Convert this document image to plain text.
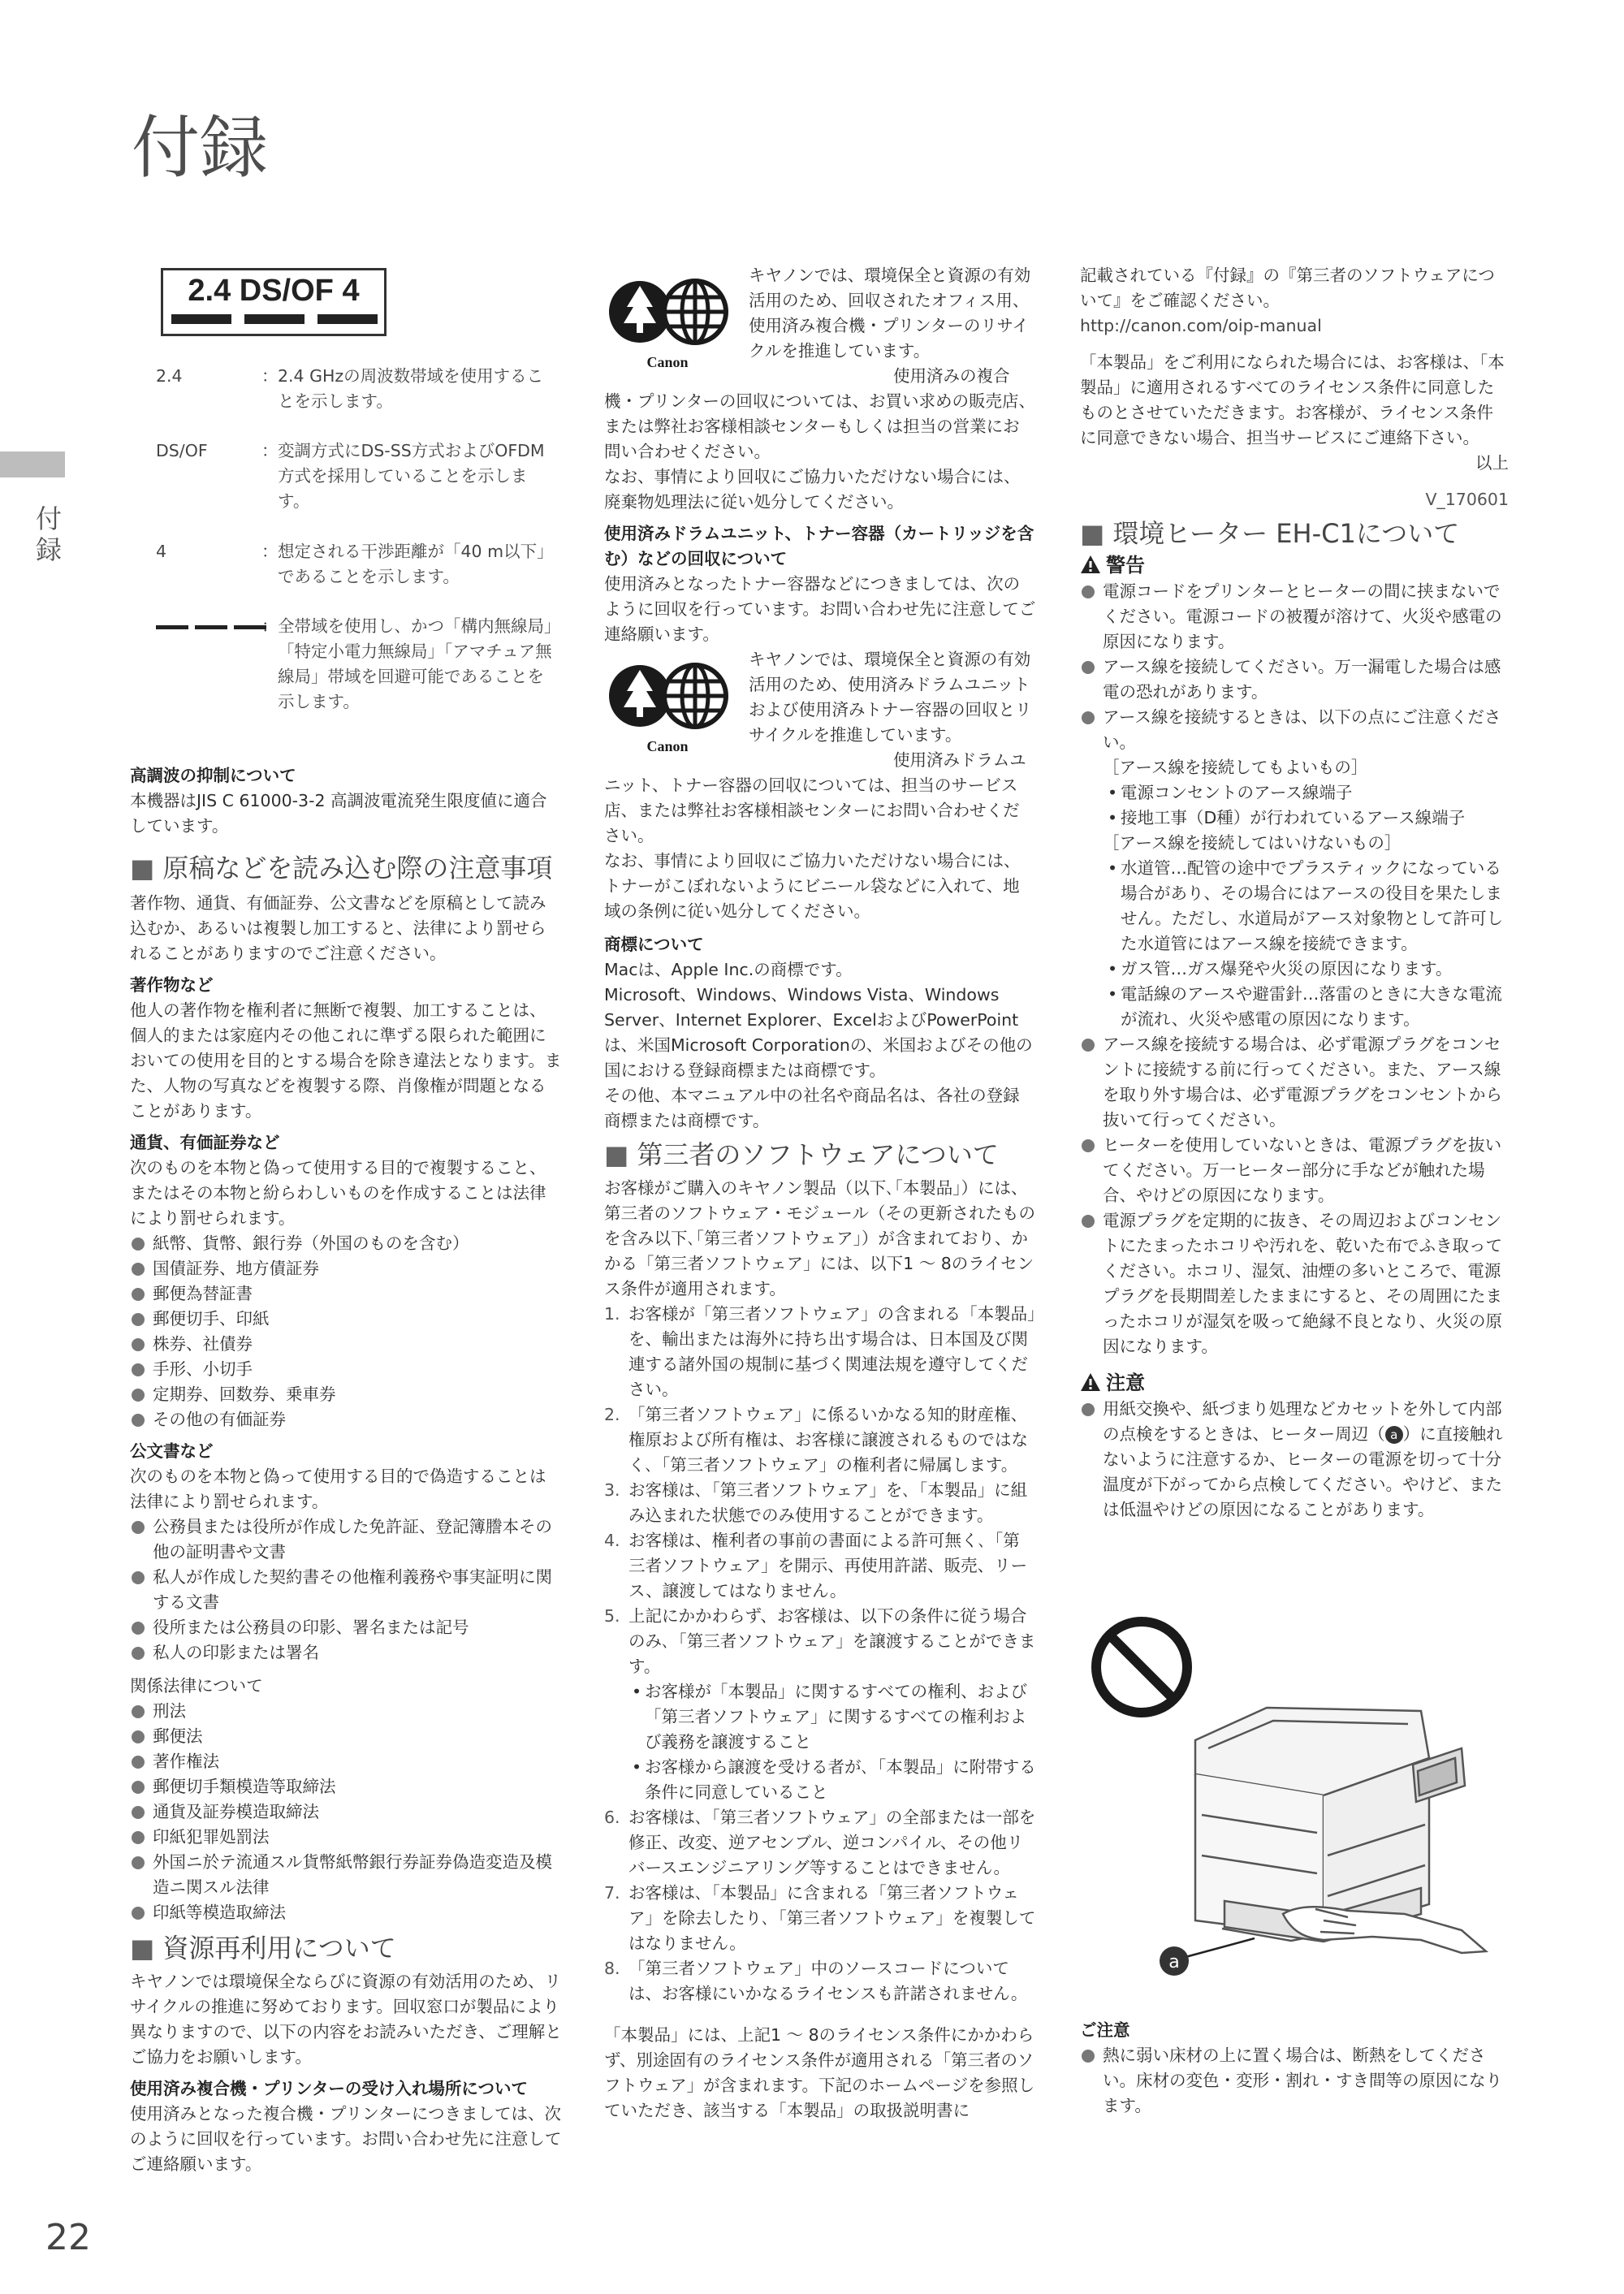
付録
付録
22
2.4 DS/OF 4
2.4	： 2.4 GHzの周波数帯域を使用することを示します。
DS/OF	： 変調方式にDS-SS方式およびOFDM方式を採用していることを示します。
4	： 想定される干渉距離が「40 m以下」であることを示します。
： 全帯域を使用し、かつ「構内無線局」「特定小電力無線局」「アマチュア無線局」帯域を回避可能であることを示します。

高調波の抑制について

本機器はJIS C 61000-3-2 高調波電流発生限度値に適合しています。

■ 原稿などを読み込む際の注意事項

著作物、通貨、有価証券、公文書などを原稿として読み込むか、あるいは複製し加工すると、法律により罰せられることがありますのでご注意ください。

著作物など

他人の著作物を権利者に無断で複製、加工することは、個人的または家庭内その他これに準ずる限られた範囲においての使用を目的とする場合を除き違法となります。また、人物の写真などを複製する際、肖像権が問題となることがあります。

通貨、有価証券など

次のものを本物と偽って使用する目的で複製すること、またはその本物と紛らわしいものを作成することは法律により罰せられます。

紙幣、貨幣、銀行券（外国のものを含む）

国債証券、地方債証券

郵便為替証書

郵便切手、印紙

株券、社債券

手形、小切手

定期券、回数券、乗車券

その他の有価証券

公文書など

次のものを本物と偽って使用する目的で偽造することは法律により罰せられます。

公務員または役所が作成した免許証、登記簿謄本その他の証明書や文書

私人が作成した契約書その他権利義務や事実証明に関する文書

役所または公務員の印影、署名または記号

私人の印影または署名

関係法律について

刑法

郵便法

著作権法

郵便切手類模造等取締法

通貨及証券模造取締法

印紙犯罪処罰法

外国ニ於テ流通スル貨幣紙幣銀行券証券偽造変造及模造ニ関スル法律

印紙等模造取締法

■ 資源再利用について

キヤノンでは環境保全ならびに資源の有効活用のため、リサイクルの推進に努めております。回収窓口が製品により異なりますので、以下の内容をお読みいただき、ご理解とご協力をお願いします。

使用済み複合機・プリンターの受け入れ場所について

使用済みとなった複合機・プリンターにつきましては、次のように回収を行っています。お問い合わせ先に注意してご連絡願います。

Canon

キヤノンでは、環境保全と資源の有効活用のため、回収されたオフィス用、使用済み複合機・プリンターのリサイクルを推進しています。

使用済みの複合機・プリンターの回収については、お買い求めの販売店、または弊社お客様相談センターもしくは担当の営業にお問い合わせください。

なお、事情により回収にご協力いただけない場合には、廃棄物処理法に従い処分してください。

使用済みドラムユニット、トナー容器（カートリッジを含む）などの回収について

使用済みとなったトナー容器などにつきましては、次のように回収を行っています。お問い合わせ先に注意してご連絡願います。

Canon

キヤノンでは、環境保全と資源の有効活用のため、使用済みドラムユニットおよび使用済みトナー容器の回収とリサイクルを推進しています。

使用済みドラムユニット、トナー容器の回収については、担当のサービス店、または弊社お客様相談センターにお問い合わせください。

なお、事情により回収にご協力いただけない場合には、トナーがこぼれないようにビニール袋などに入れて、地域の条例に従い処分してください。

商標について

Macは、Apple Inc.の商標です。

Microsoft、Windows、Windows Vista、Windows Server、Internet Explorer、ExcelおよびPowerPointは、米国Microsoft Corporationの、米国およびその他の国における登録商標または商標です。

その他、本マニュアル中の社名や商品名は、各社の登録商標または商標です。

■ 第三者のソフトウェアについて

お客様がご購入のキヤノン製品（以下､｢本製品｣）には、第三者のソフトウェア・モジュール（その更新されたものを含み以下､｢第三者ソフトウェア｣）が含まれており、かかる「第三者ソフトウェア」には、以下1 ～ 8のライセンス条件が適用されます。

1. お客様が「第三者ソフトウェア」の含まれる「本製品」を、輸出または海外に持ち出す場合は、日本国及び関連する諸外国の規制に基づく関連法規を遵守してください。

2. 「第三者ソフトウェア」に係るいかなる知的財産権、権原および所有権は、お客様に譲渡されるものではなく､「第三者ソフトウェア」の権利者に帰属します。

3. お客様は､「第三者ソフトウェア」を､「本製品」に組み込まれた状態でのみ使用することができます。

4. お客様は、権利者の事前の書面による許可無く､「第三者ソフトウェア」を開示、再使用許諾、販売、リース、譲渡してはなりません。

5. 上記にかかわらず、お客様は、以下の条件に従う場合のみ､「第三者ソフトウェア」を譲渡することができます。

• お客様が「本製品」に関するすべての権利、および「第三者ソフトウェア」に関するすべての権利および義務を譲渡すること

• お客様から譲渡を受ける者が､「本製品」に附帯する条件に同意していること

6. お客様は､「第三者ソフトウェア」の全部または一部を修正、改変、逆アセンブル、逆コンパイル、その他リバースエンジニアリング等することはできません。

7. お客様は､「本製品」に含まれる「第三者ソフトウェア」を除去したり､「第三者ソフトウェア」を複製してはなりません。

8. 「第三者ソフトウェア」中のソースコードについては、お客様にいかなるライセンスも許諾されません。

「本製品」には、上記1 ～ 8のライセンス条件にかかわらず、別途固有のライセンス条件が適用される「第三者のソフトウェア」が含まれます。下記のホームページを参照していただき、該当する「本製品」の取扱説明書に

記載されている『付録』の『第三者のソフトウェアについて』をご確認ください。

http://canon.com/oip-manual

「本製品」をご利用になられた場合には、お客様は、「本製品」に適用されるすべてのライセンス条件に同意したものとさせていただきます。お客様が、ライセンス条件に同意できない場合、担当サービスにご連絡下さい。

以上

V_170601

■ 環境ヒーター EH-C1について

警告

電源コードをプリンターとヒーターの間に挟まないでください。電源コードの被覆が溶けて、火災や感電の原因になります。

アース線を接続してください。万一漏電した場合は感電の恐れがあります。

アース線を接続するときは、以下の点にご注意ください。

［アース線を接続してもよいもの］

• 電源コンセントのアース線端子

• 接地工事（D種）が行われているアース線端子

［アース線を接続してはいけないもの］

• 水道管…配管の途中でプラスティックになっている場合があり、その場合にはアースの役目を果たしません。ただし、水道局がアース対象物として許可した水道管にはアース線を接続できます。

• ガス管…ガス爆発や火災の原因になります。

• 電話線のアースや避雷針…落雷のときに大きな電流が流れ、火災や感電の原因になります。

アース線を接続する場合は、必ず電源プラグをコンセントに接続する前に行ってください。また、アース線を取り外す場合は、必ず電源プラグをコンセントから抜いて行ってください。

ヒーターを使用していないときは、電源プラグを抜いてください。万一ヒーター部分に手などが触れた場合、やけどの原因になります。

電源プラグを定期的に抜き、その周辺およびコンセントにたまったホコリや汚れを、乾いた布でふき取ってください。ホコリ、湿気、油煙の多いところで、電源プラグを長期間差したままにすると、その周囲にたまったホコリが湿気を吸って絶縁不良となり、火災の原因になります。

注意

用紙交換や、紙づまり処理などカセットを外して内部の点検をするときは、ヒーター周辺（ a ）に直接触れないように注意するか、ヒーターの電源を切って十分温度が下がってから点検してください。やけど、または低温やけどの原因になることがあります。

a

ご注意

熱に弱い床材の上に置く場合は、断熱をしてください。床材の変色・変形・割れ・すき間等の原因になります。
